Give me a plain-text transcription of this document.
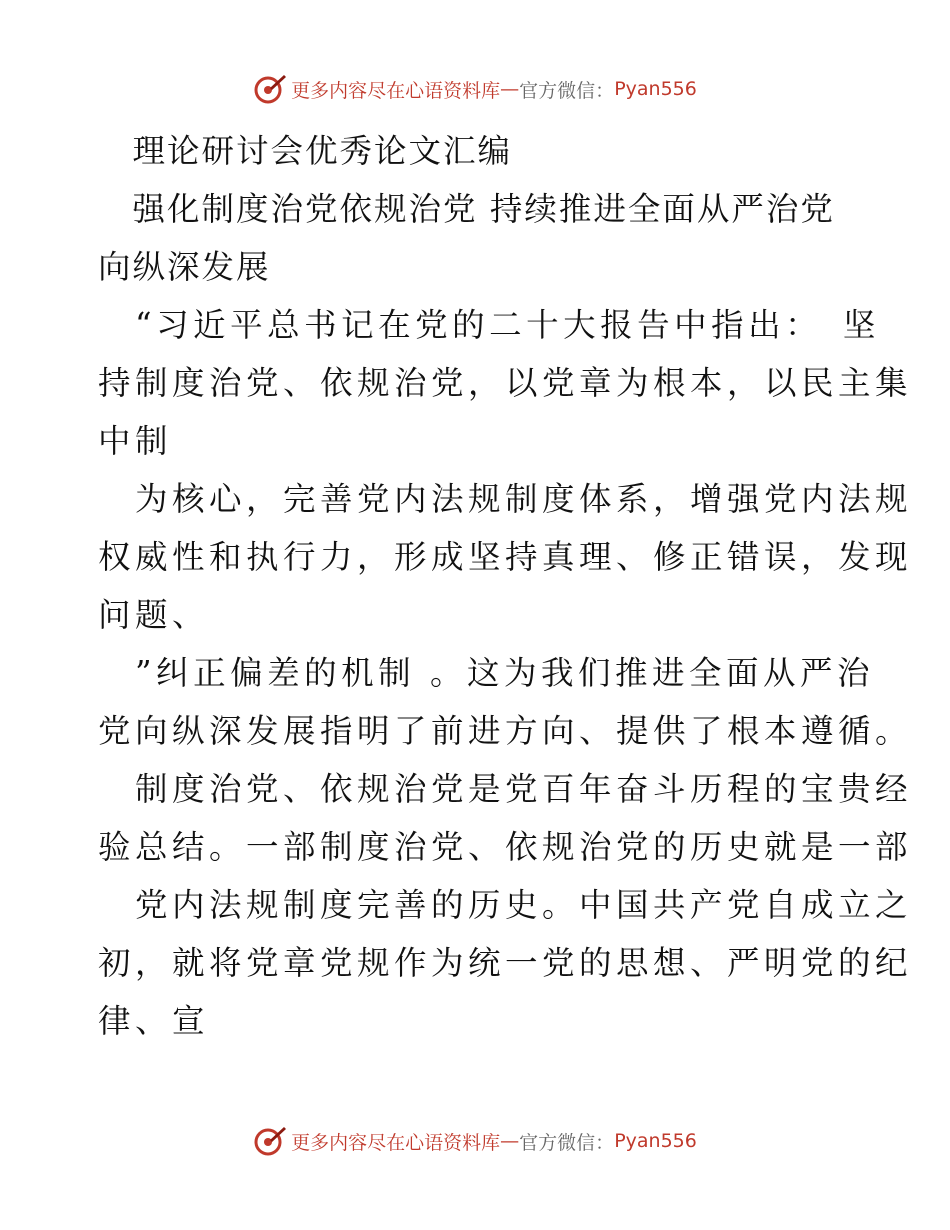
更多内容尽在心语资料库 — 官方微信： Pyan556
　理论研讨会优秀论文汇编
　强化制度治党依规治党 持续推进全面从严治党
向纵深发展
　“习近平总书记在党的二十大报告中指出：　坚
持制度治党、依规治党，以党章为根本，以民主集
中制
　为核心，完善党内法规制度体系，增强党内法规
权威性和执行力，形成坚持真理、修正错误，发现
问题、
　”纠正偏差的机制 。这为我们推进全面从严治
党向纵深发展指明了前进方向、提供了根本遵循。
　制度治党、依规治党是党百年奋斗历程的宝贵经
验总结。一部制度治党、依规治党的历史就是一部
　党内法规制度完善的历史。中国共产党自成立之
初，就将党章党规作为统一党的思想、严明党的纪
律、宣
更多内容尽在心语资料库 — 官方微信： Pyan556
